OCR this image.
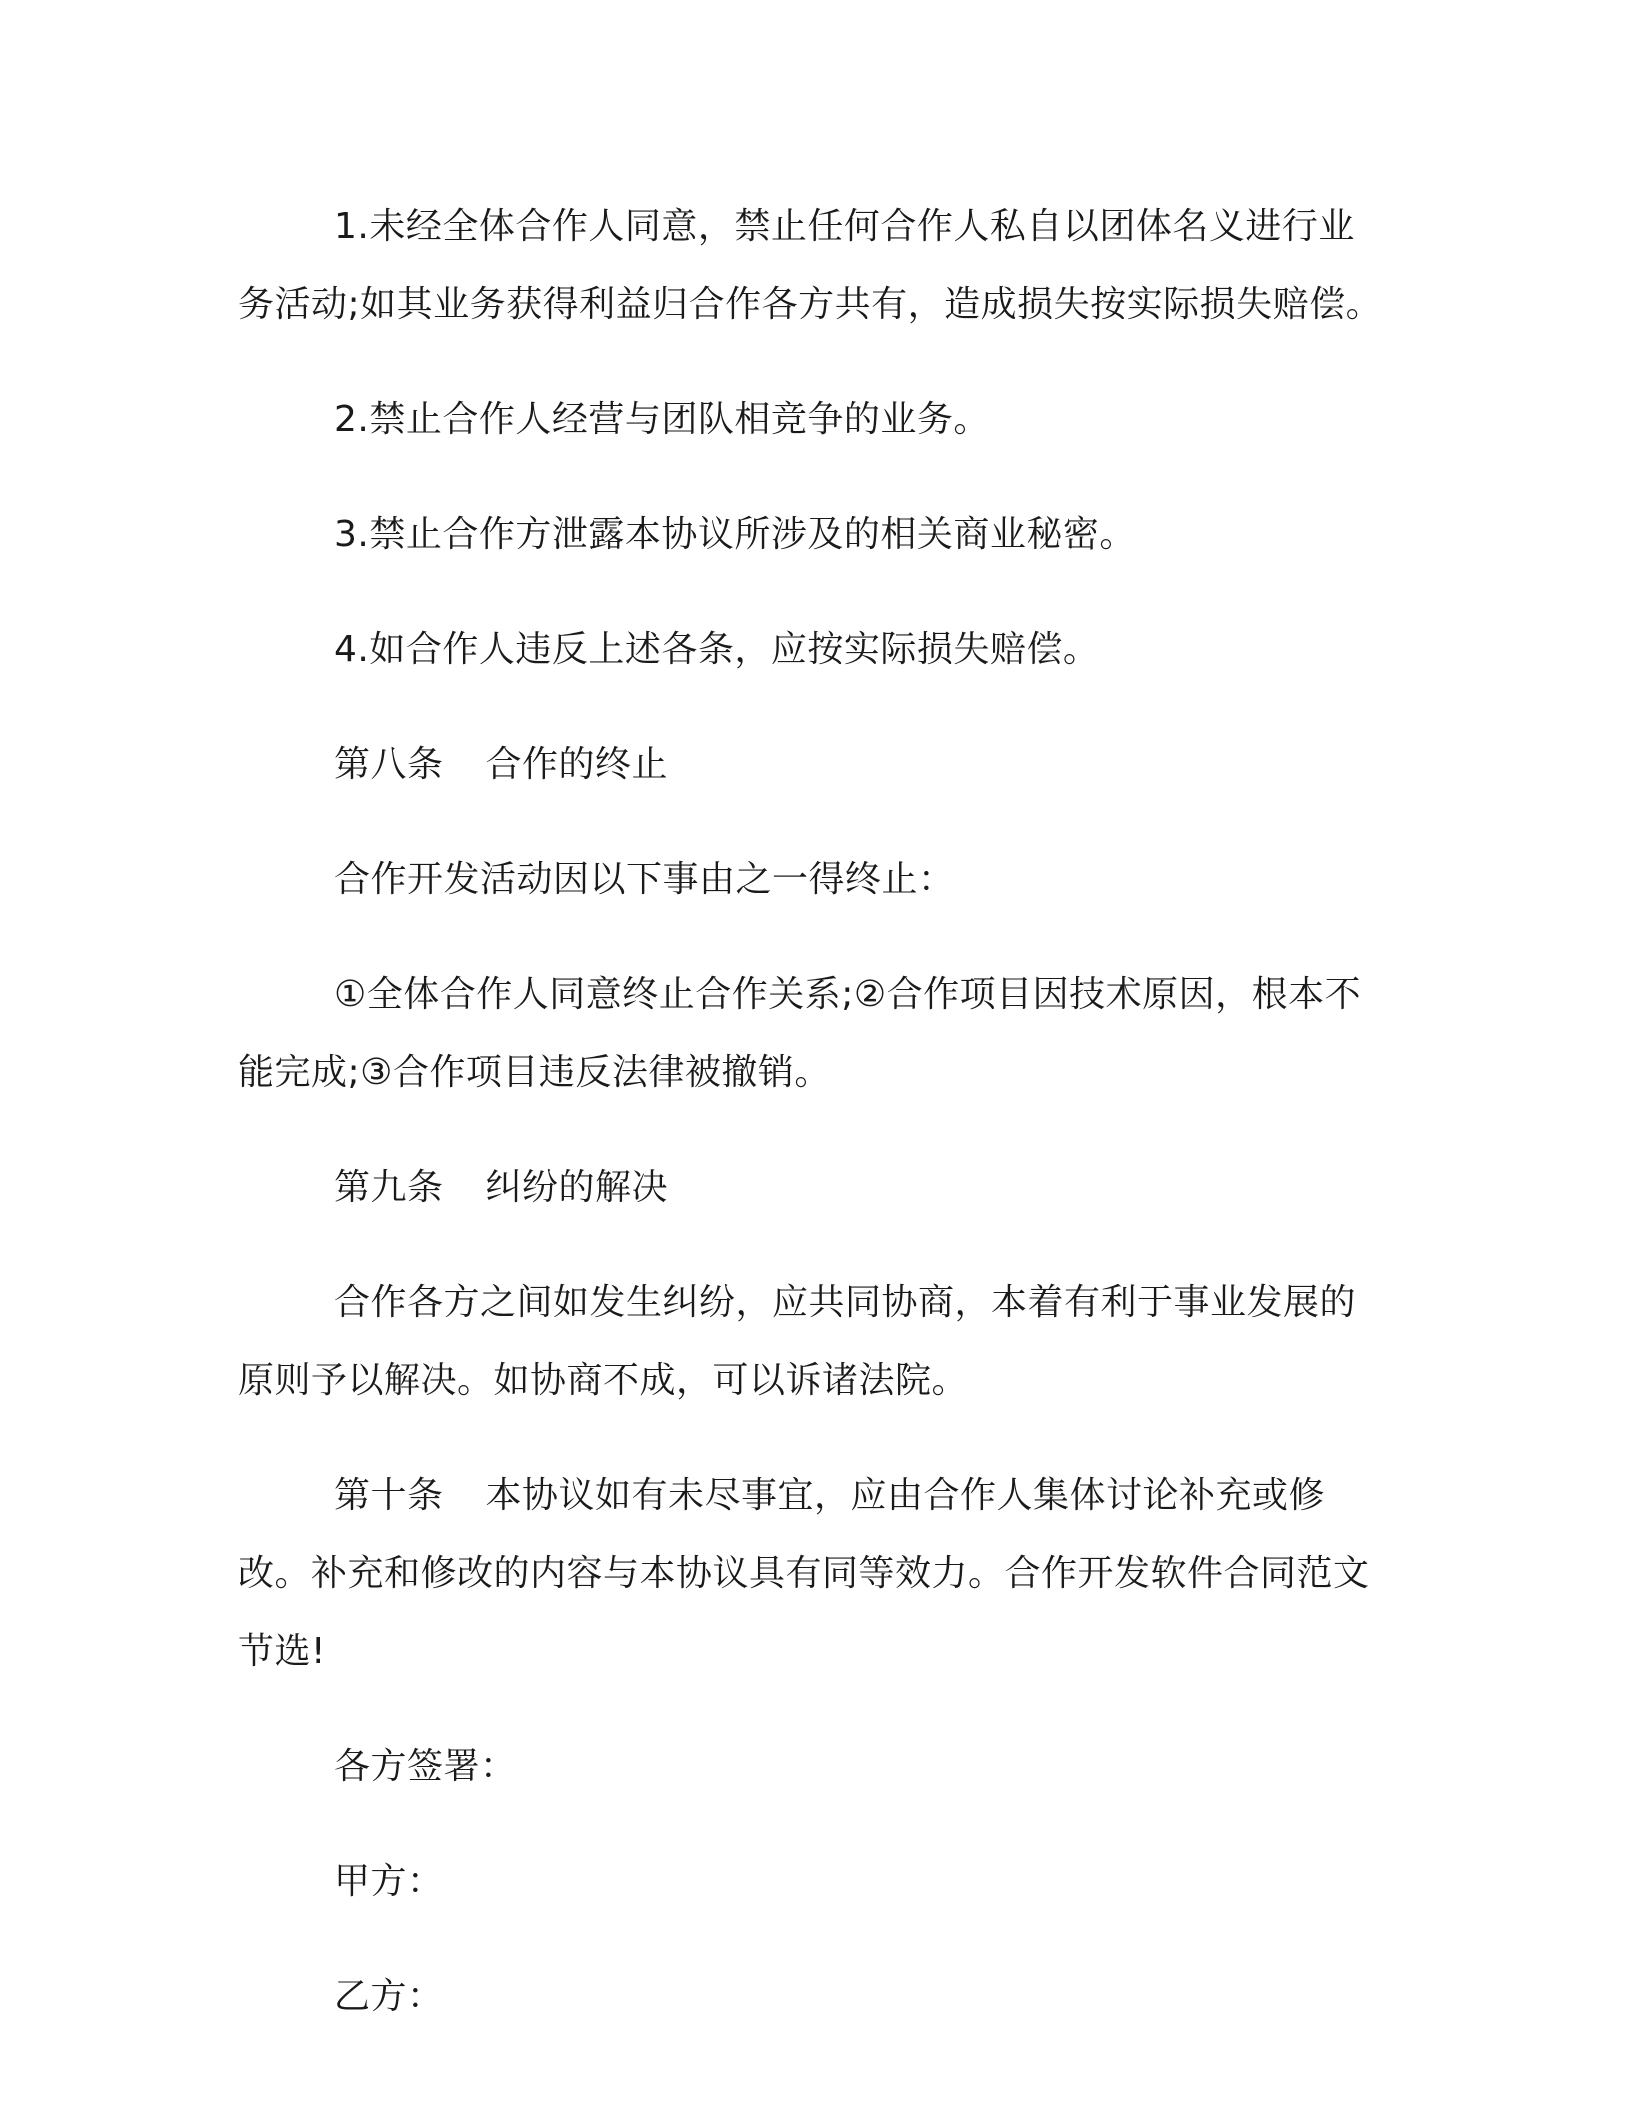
1.未经全体合作人同意，禁止任何合作人私自以团体名义进行业务活动;如其业务获得利益归合作各方共有，造成损失按实际损失赔偿。

2.禁止合作人经营与团队相竞争的业务。

3.禁止合作方泄露本协议所涉及的相关商业秘密。

4.如合作人违反上述各条，应按实际损失赔偿。

第八条 合作的终止

合作开发活动因以下事由之一得终止：

①全体合作人同意终止合作关系;②合作项目因技术原因，根本不能完成;③合作项目违反法律被撤销。

第九条 纠纷的解决

合作各方之间如发生纠纷，应共同协商，本着有利于事业发展的原则予以解决。如协商不成，可以诉诸法院。

第十条 本协议如有未尽事宜，应由合作人集体讨论补充或修改。补充和修改的内容与本协议具有同等效力。合作开发软件合同范文节选!

各方签署：

甲方：

乙方：
